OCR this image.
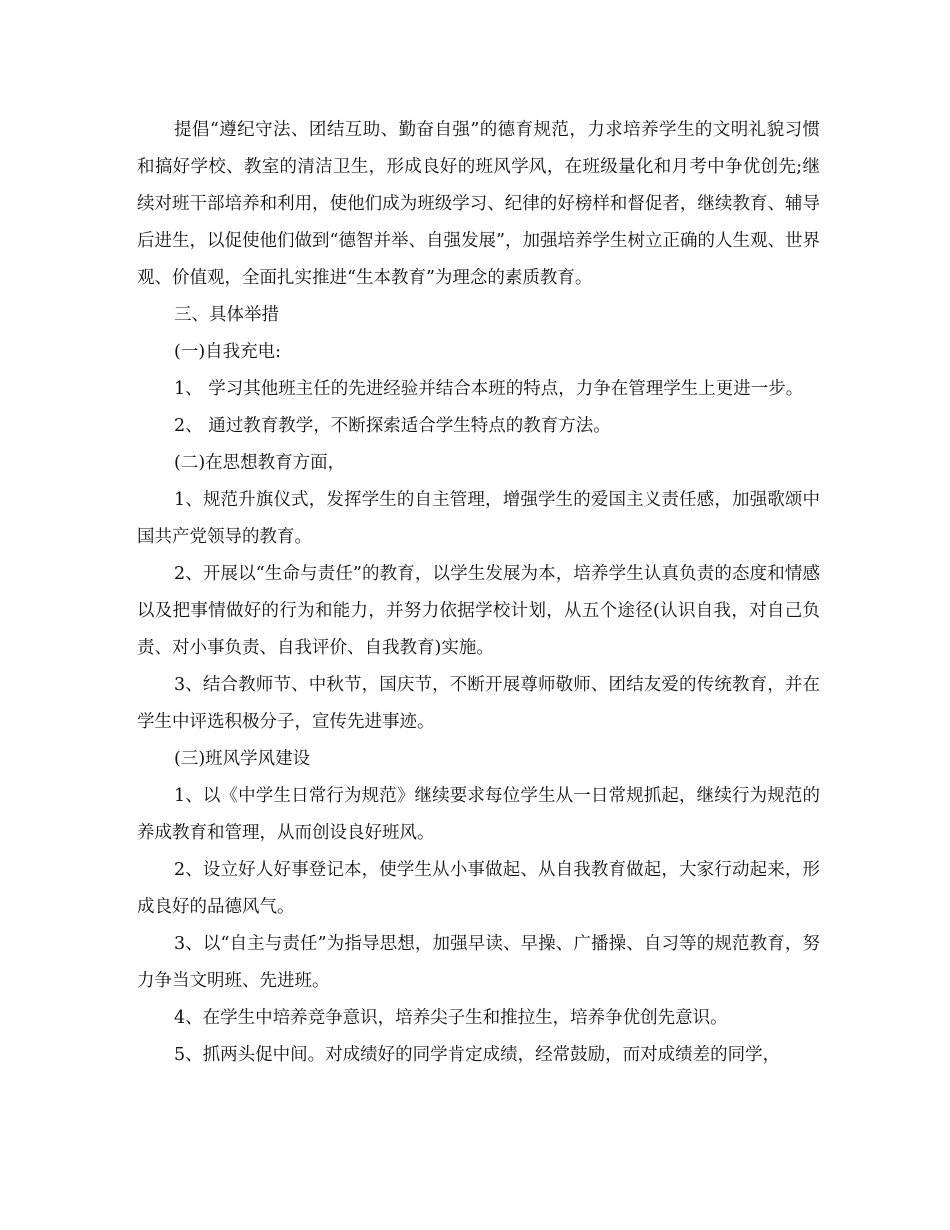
提倡“遵纪守法、团结互助、勤奋自强”的德育规范，力求培养学生的文明礼貌习惯和搞好学校、教室的清洁卫生，形成良好的班风学风，在班级量化和月考中争优创先;继续对班干部培养和利用，使他们成为班级学习、纪律的好榜样和督促者，继续教育、辅导后进生，以促使他们做到“德智并举、自强发展”，加强培养学生树立正确的人生观、世界观、价值观，全面扎实推进“生本教育”为理念的素质教育。

三、具体举措

(一)自我充电:

1、 学习其他班主任的先进经验并结合本班的特点，力争在管理学生上更进一步。

2、 通过教育教学，不断探索适合学生特点的教育方法。

(二)在思想教育方面，

1、规范升旗仪式，发挥学生的自主管理，增强学生的爱国主义责任感，加强歌颂中国共产党领导的教育。

2、开展以“生命与责任”的教育，以学生发展为本，培养学生认真负责的态度和情感以及把事情做好的行为和能力，并努力依据学校计划，从五个途径(认识自我，对自己负责、对小事负责、自我评价、自我教育)实施。

3、结合教师节、中秋节，国庆节，不断开展尊师敬师、团结友爱的传统教育，并在学生中评选积极分子，宣传先进事迹。

(三)班风学风建设

1、以《中学生日常行为规范》继续要求每位学生从一日常规抓起，继续行为规范的养成教育和管理，从而创设良好班风。

2、设立好人好事登记本，使学生从小事做起、从自我教育做起，大家行动起来，形成良好的品德风气。

3、以“自主与责任”为指导思想，加强早读、早操、广播操、自习等的规范教育，努力争当文明班、先进班。

4、在学生中培养竞争意识，培养尖子生和推拉生，培养争优创先意识。

5、抓两头促中间。对成绩好的同学肯定成绩，经常鼓励，而对成绩差的同学，
